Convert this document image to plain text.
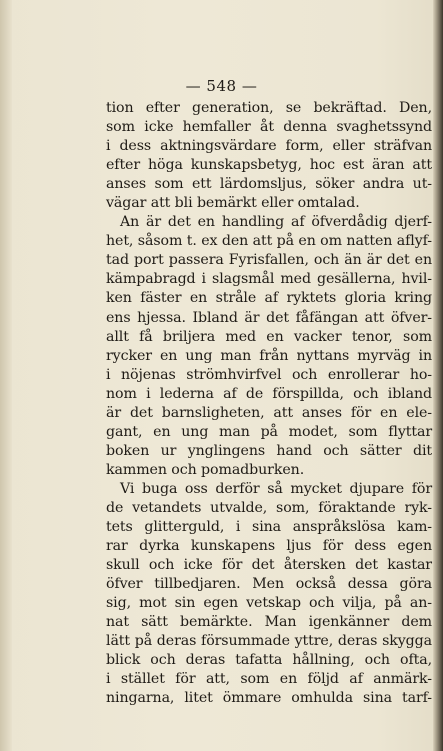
— 548 —
tion efter generation, se bekräftad. Den,
som icke hemfaller åt denna svaghetssynd
i dess aktningsvärdare form, eller sträfvan
efter höga kunskapsbetyg, hoc est äran att
anses som ett lärdomsljus, söker andra ut-
vägar att bli bemärkt eller omtalad.
An är det en handling af öfverdådig djerf-
het, såsom t. ex den att på en om natten aflyf-
tad port passera Fyrisfallen, och än är det en
kämpabragd i slagsmål med gesällerna, hvil-
ken fäster en stråle af ryktets gloria kring
ens hjessa. Ibland är det fåfängan att öfver-
allt få briljera med en vacker tenor, som
rycker en ung man från nyttans myrväg in
i nöjenas strömhvirfvel och enrollerar ho-
nom i lederna af de förspillda, och ibland
är det barnsligheten, att anses för en ele-
gant, en ung man på modet, som flyttar
boken ur ynglingens hand och sätter dit
kammen och pomadburken.
Vi buga oss derför så mycket djupare för
de vetandets utvalde, som, föraktande ryk-
tets glitterguld, i sina anspråkslösa kam-
rar dyrka kunskapens ljus för dess egen
skull och icke för det återsken det kastar
öfver tillbedjaren. Men också dessa göra
sig, mot sin egen vetskap och vilja, på an-
nat sätt bemärkte. Man igenkänner dem
lätt på deras försummade yttre, deras skygga
blick och deras tafatta hållning, och ofta,
i stället för att, som en följd af anmärk-
ningarna, litet ömmare omhulda sina tarf-
